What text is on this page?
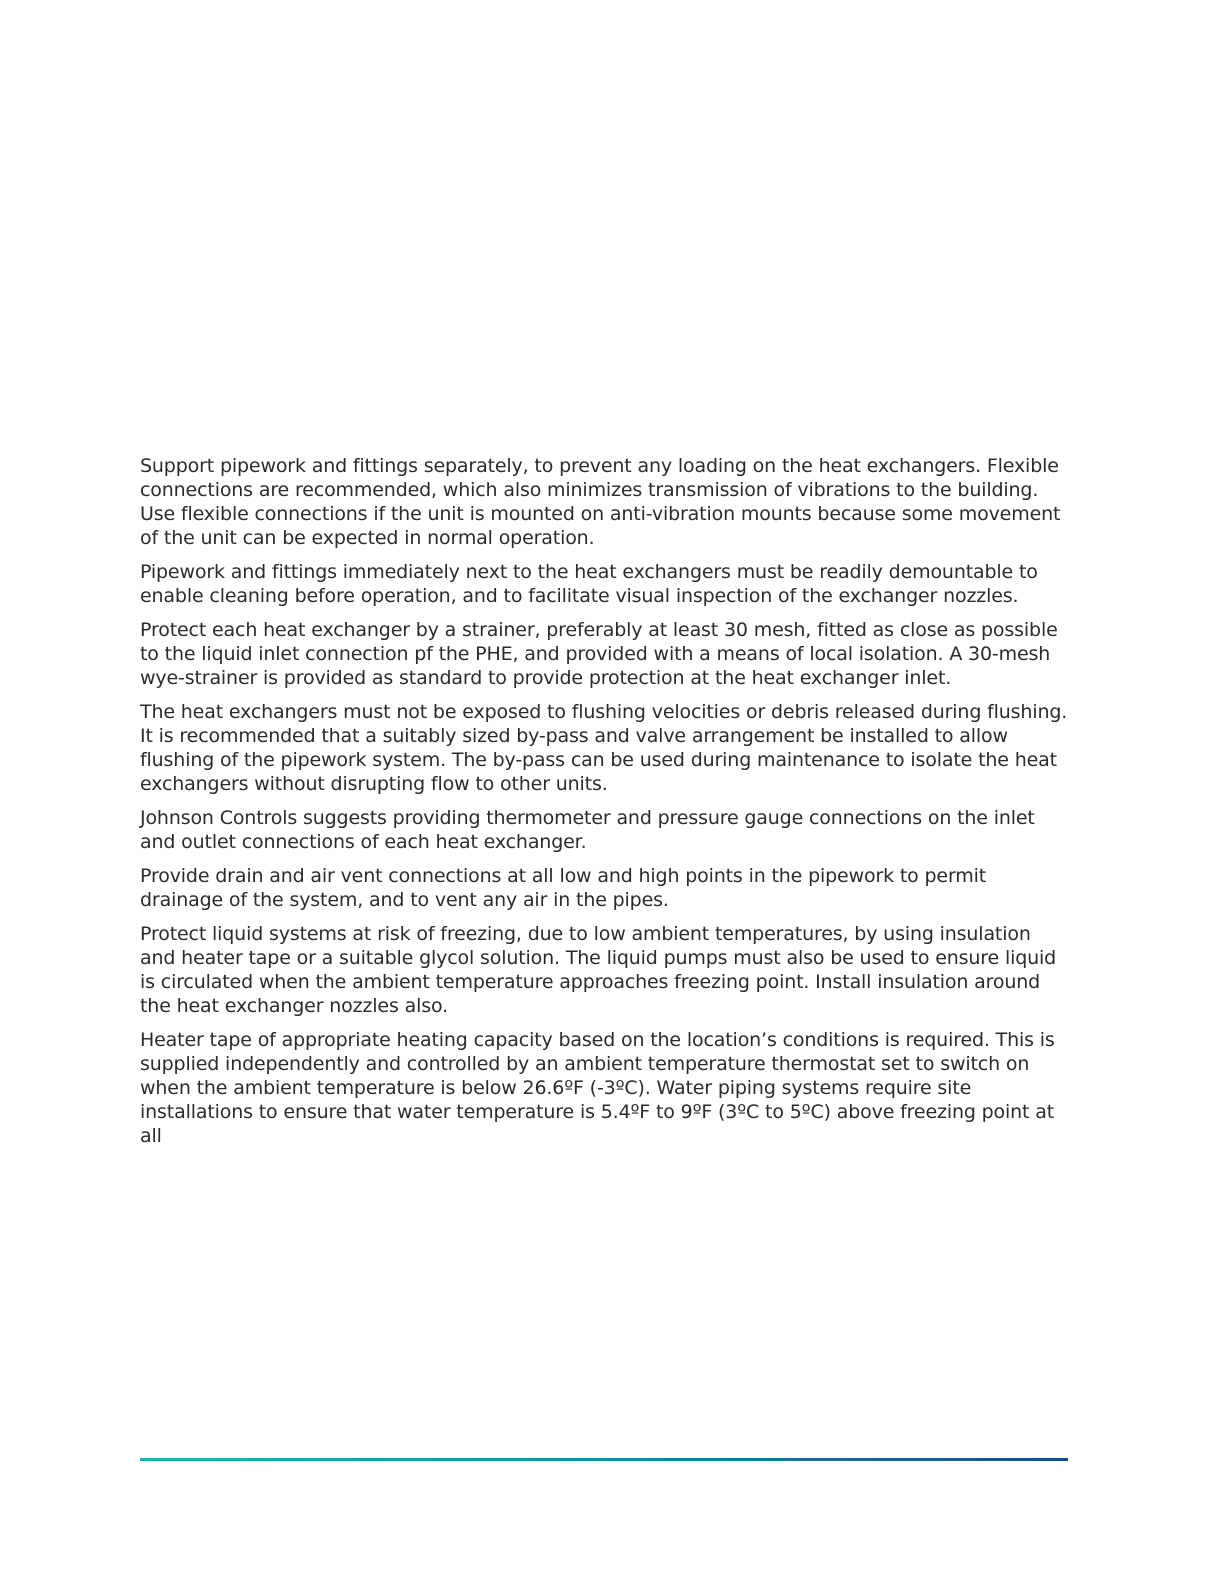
Support pipework and fittings separately, to prevent any loading on the heat exchangers. Flexible connections are recommended, which also minimizes transmission of vibrations to the building. Use flexible connections if the unit is mounted on anti-vibration mounts because some movement of the unit can be expected in normal operation.

Pipework and fittings immediately next to the heat exchangers must be readily demountable to enable cleaning before operation, and to facilitate visual inspection of the exchanger nozzles.

Protect each heat exchanger by a strainer, preferably at least 30 mesh, fitted as close as possible to the liquid inlet connection pf the PHE, and provided with a means of local isolation. A 30-mesh wye-strainer is provided as standard to provide protection at the heat exchanger inlet.

The heat exchangers must not be exposed to flushing velocities or debris released during flushing. It is recommended that a suitably sized by-pass and valve arrangement be installed to allow flushing of the pipework system. The by-pass can be used during maintenance to isolate the heat exchangers without disrupting flow to other units.

Johnson Controls suggests providing thermometer and pressure gauge connections on the inlet and outlet connections of each heat exchanger.

Provide drain and air vent connections at all low and high points in the pipework to permit drainage of the system, and to vent any air in the pipes.

Protect liquid systems at risk of freezing, due to low ambient temperatures, by using insulation and heater tape or a suitable glycol solution. The liquid pumps must also be used to ensure liquid is circulated when the ambient temperature approaches freezing point. Install insulation around the heat exchanger nozzles also.

Heater tape of appropriate heating capacity based on the location’s conditions is required. This is supplied independently and controlled by an ambient temperature thermostat set to switch on when the ambient temperature is below 26.6ºF (-3ºC). Water piping systems require site installations to ensure that water temperature is 5.4ºF to 9ºF (3ºC to 5ºC) above freezing point at all
